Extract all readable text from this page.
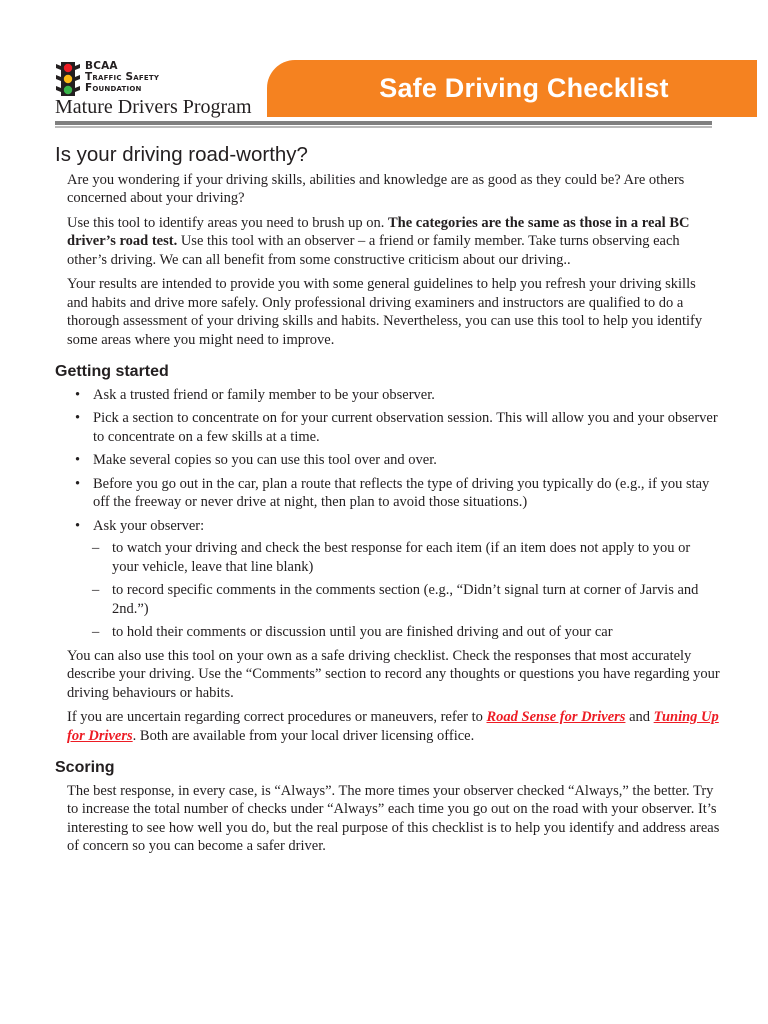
BCAA
Traffic Safety
Foundation
Mature Drivers Program
Safe Driving Checklist
Is your driving road-worthy?

Are you wondering if your driving skills, abilities and knowledge are as good as they could be? Are others concerned about your driving?

Use this tool to identify areas you need to brush up on. The categories are the same as those in a real BC driver’s road test. Use this tool with an observer – a friend or family member. Take turns observing each other’s driving. We can all benefit from some constructive criticism about our driving..

Your results are intended to provide you with some general guidelines to help you refresh your driving skills and habits and drive more safely. Only professional driving examiners and instructors are qualified to do a thorough assessment of your driving skills and habits. Nevertheless, you can use this tool to help you identify some areas where you might need to improve.

Getting started
• Ask a trusted friend or family member to be your observer.
• Pick a section to concentrate on for your current observation session. This will allow you and your observer to concentrate on a few skills at a time.
• Make several copies so you can use this tool over and over.
• Before you go out in the car, plan a route that reflects the type of driving you typically do (e.g., if you stay off the freeway or never drive at night, then plan to avoid those situations.)
• Ask your observer:
– to watch your driving and check the best response for each item (if an item does not apply to you or your vehicle, leave that line blank)
– to record specific comments in the comments section (e.g., “Didn’t signal turn at corner of Jarvis and 2nd.”)
– to hold their comments or discussion until you are finished driving and out of your car

You can also use this tool on your own as a safe driving checklist. Check the responses that most accurately describe your driving. Use the “Comments” section to record any thoughts or questions you have regarding your driving behaviours or habits.

If you are uncertain regarding correct procedures or maneuvers, refer to Road Sense for Drivers and Tuning Up for Drivers. Both are available from your local driver licensing office.

Scoring

The best response, in every case, is “Always”. The more times your observer checked “Always,” the better. Try to increase the total number of checks under “Always” each time you go out on the road with your observer. It’s interesting to see how well you do, but the real purpose of this checklist is to help you identify and address areas of concern so you can become a safer driver.
